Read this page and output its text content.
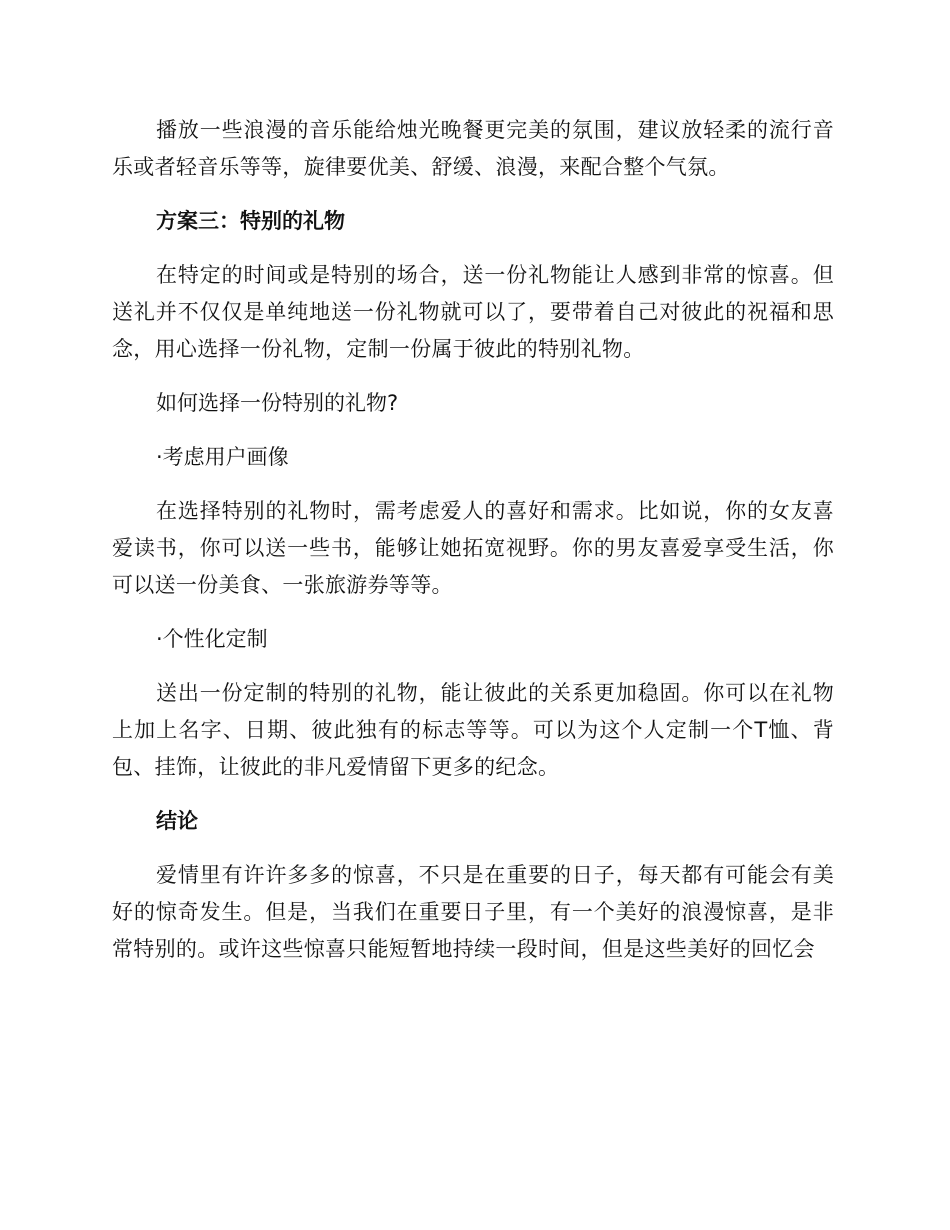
播放一些浪漫的音乐能给烛光晚餐更完美的氛围，建议放轻柔的流行音乐或者轻音乐等等，旋律要优美、舒缓、浪漫，来配合整个气氛。

方案三：特别的礼物

在特定的时间或是特别的场合，送一份礼物能让人感到非常的惊喜。但送礼并不仅仅是单纯地送一份礼物就可以了，要带着自己对彼此的祝福和思念，用心选择一份礼物，定制一份属于彼此的特别礼物。

如何选择一份特别的礼物?

·考虑用户画像

在选择特别的礼物时，需考虑爱人的喜好和需求。比如说，你的女友喜爱读书，你可以送一些书，能够让她拓宽视野。你的男友喜爱享受生活，你可以送一份美食、一张旅游券等等。

·个性化定制

送出一份定制的特别的礼物，能让彼此的关系更加稳固。你可以在礼物上加上名字、日期、彼此独有的标志等等。可以为这个人定制一个T恤、背包、挂饰，让彼此的非凡爱情留下更多的纪念。

结论

爱情里有许许多多的惊喜，不只是在重要的日子，每天都有可能会有美好的惊奇发生。但是，当我们在重要日子里，有一个美好的浪漫惊喜，是非常特别的。或许这些惊喜只能短暂地持续一段时间，但是这些美好的回忆会
